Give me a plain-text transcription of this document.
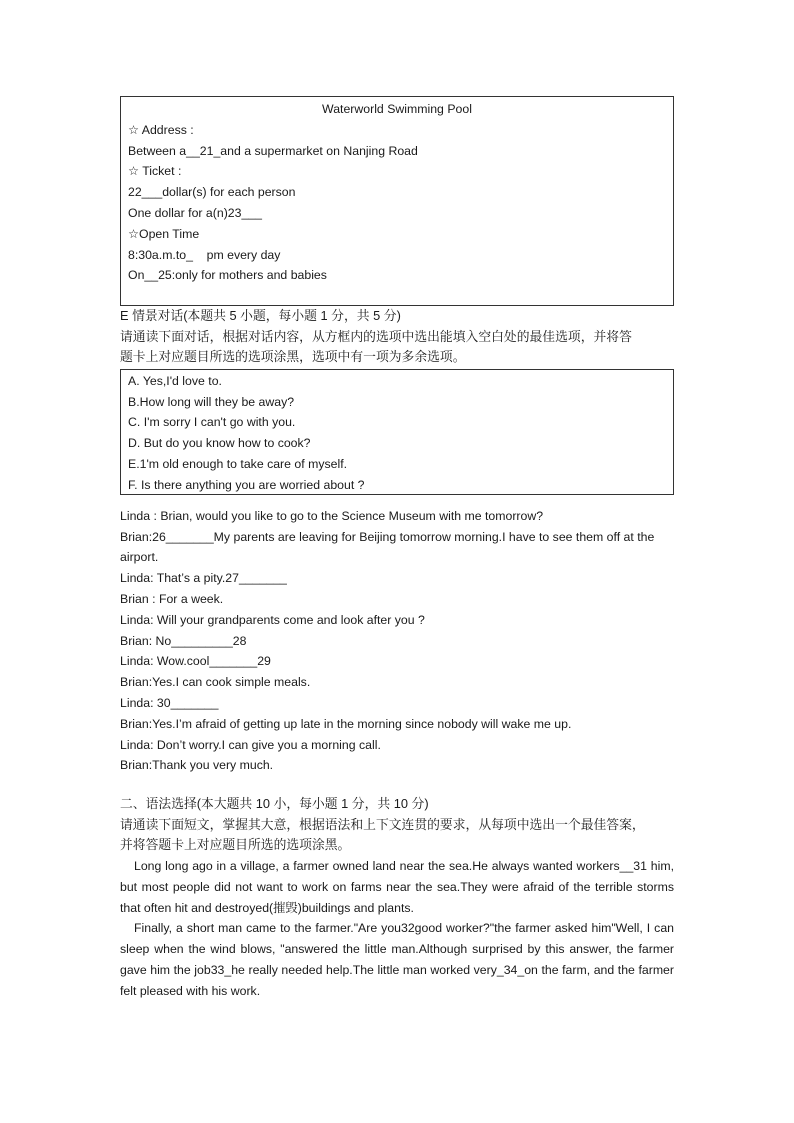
Waterworld Swimming Pool
☆ Address :
Between a__21_and a supermarket on Nanjing Road
☆ Ticket :
22___dollar(s) for each person
One dollar for a(n)23___
☆Open Time
8:30a.m.to_    pm every day
On__25:only for mothers and babies
E 情景对话(本题共 5 小题，每小题 1 分，共 5 分)
请通读下面对话，根据对话内容，从方框内的选项中选出能填入空白处的最佳选项，并将答
题卡上对应题目所选的选项涂黑，选项中有一项为多余选项。
A. Yes,I'd love to.
B.How long will they be away?
C. I'm sorry I can't go with you.
D. But do you know how to cook?
E.1'm old enough to take care of myself.
F. Is there anything you are worried about ?
Linda : Brian, would you like to go to the Science Museum with me tomorrow?
Brian:26_______My parents are leaving for Beijing tomorrow morning.I have to see them off at the airport.
Linda: That’s a pity.27_______
Brian : For a week.
Linda: Will your grandparents come and look after you ?
Brian: No_________28
Linda: Wow.cool_______29
Brian:Yes.I can cook simple meals.
Linda: 30_______
Brian:Yes.I’m afraid of getting up late in the morning since nobody will wake me up.
Linda: Don’t worry.I can give you a morning call.
Brian:Thank you very much.
二、语法选择(本大题共 10 小，每小题 1 分，共 10 分)
请通读下面短文，掌握其大意，根据语法和上下文连贯的要求，从每项中选出一个最佳答案，
并将答题卡上对应题目所选的选项涂黑。
Long long ago in a village, a farmer owned land near the sea.He always wanted workers__31 him, but most people did not want to work on farms near the sea.They were afraid of the terrible storms that often hit and destroyed(摧毁)buildings and plants.
Finally, a short man came to the farmer."Are you32good worker?"the farmer asked him"Well, I can sleep when the wind blows, "answered the little man.Although surprised by this answer, the farmer gave him the job33_he really needed help.The little man worked very_34_on the farm, and the farmer felt pleased with his work.
